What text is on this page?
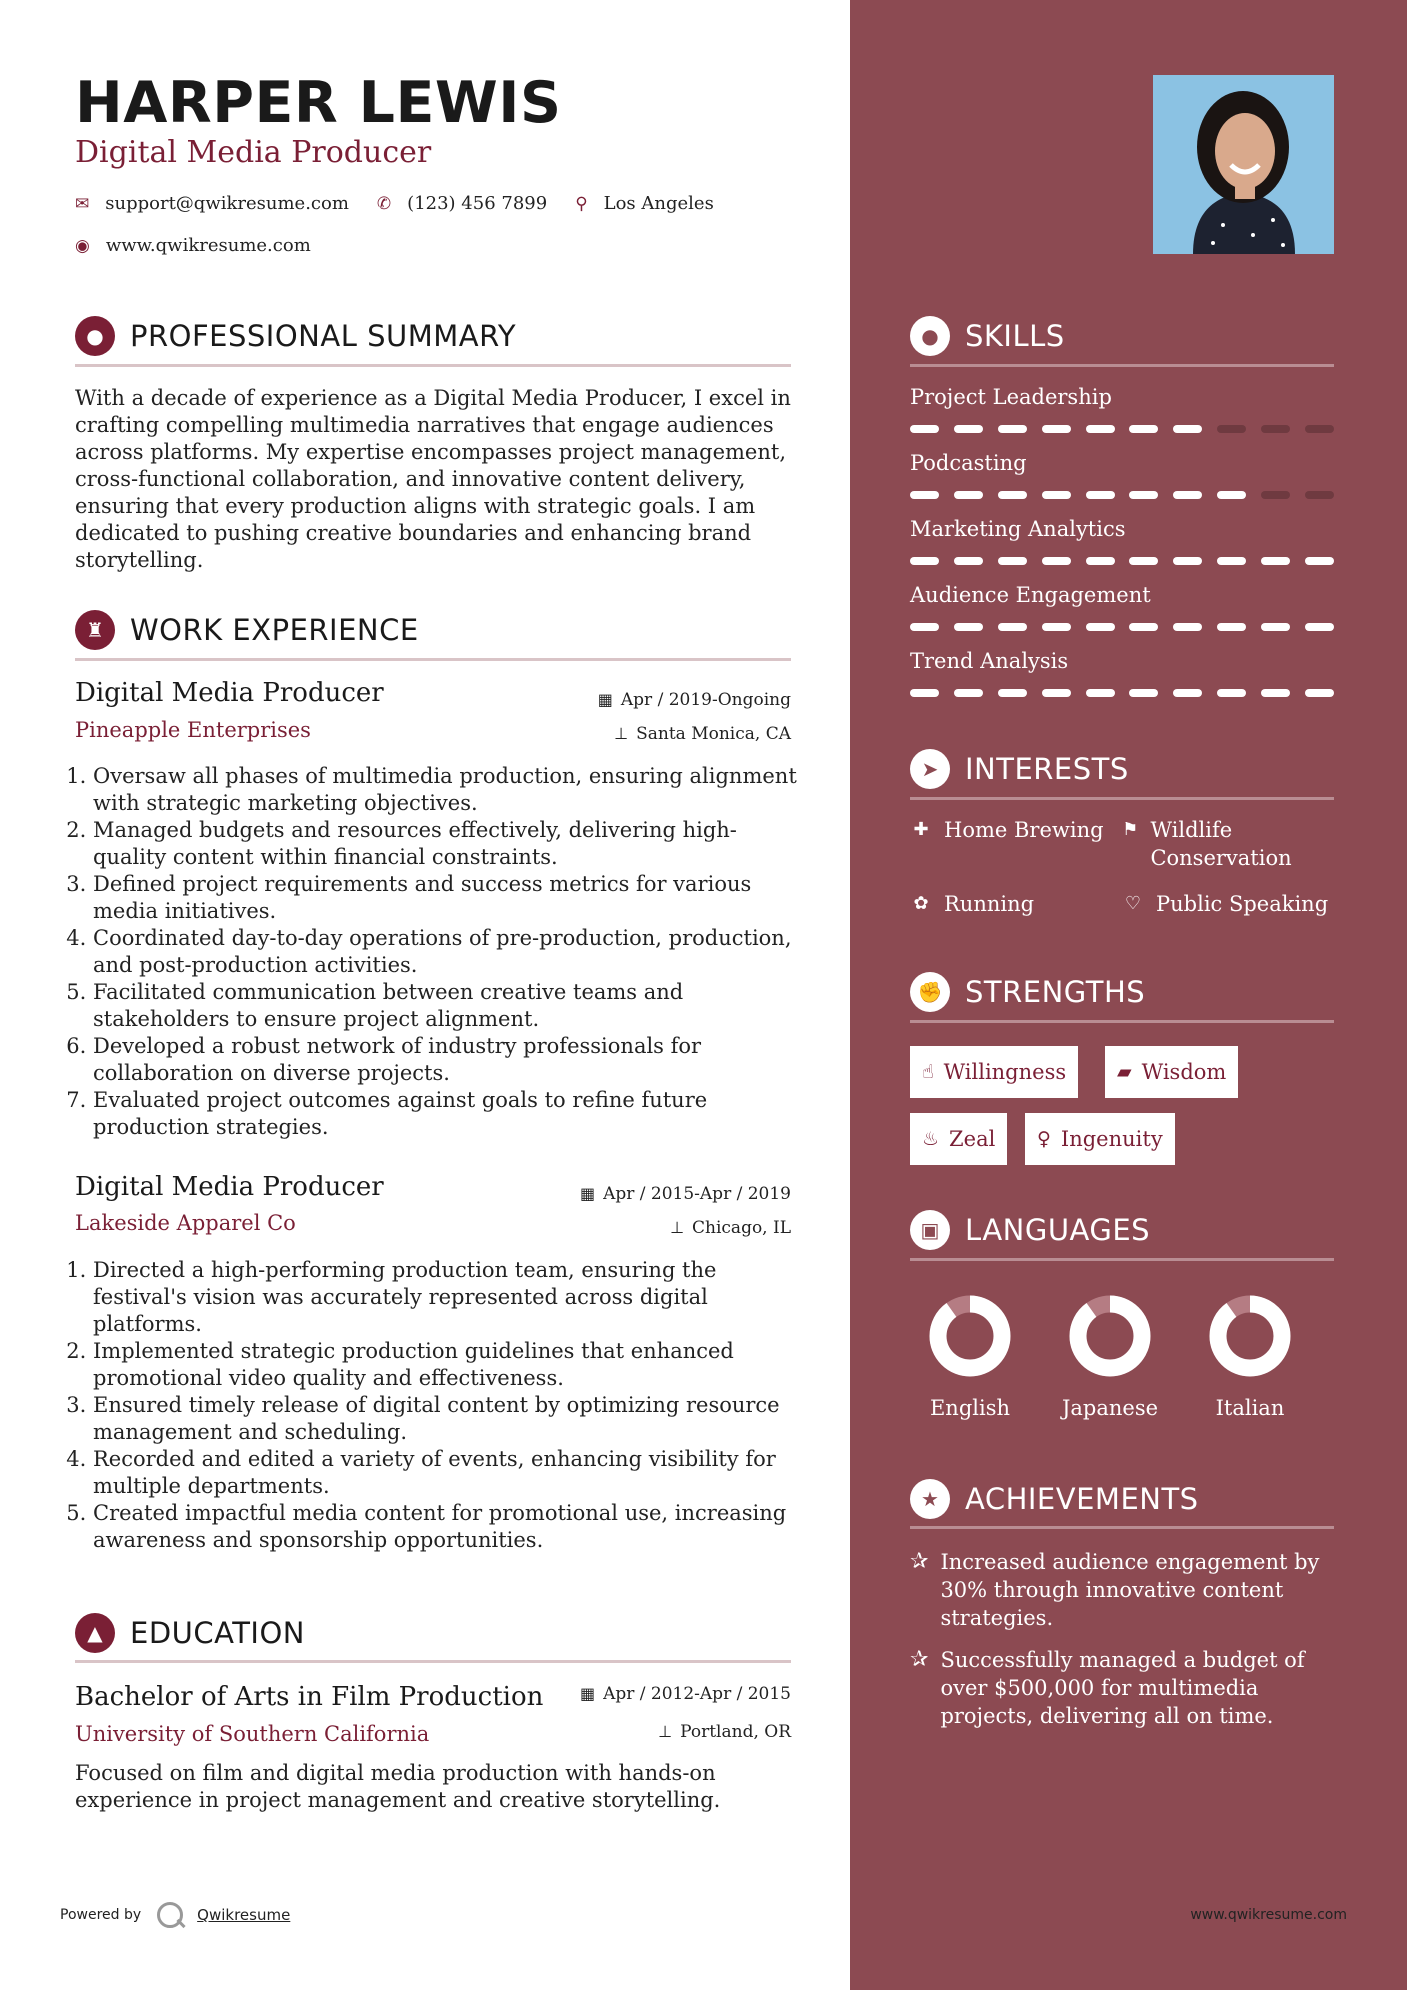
HARPER LEWIS
Digital Media Producer
✉ support@qwikresume.com ✆ (123) 456 7899 ⚲ Los Angeles
◉ www.qwikresume.com
● PROFESSIONAL SUMMARY

With a decade of experience as a Digital Media Producer, I excel in crafting compelling multimedia narratives that engage audiences across platforms. My expertise encompasses project management, cross-functional collaboration, and innovative content delivery, ensuring that every production aligns with strategic goals. I am dedicated to pushing creative boundaries and enhancing brand storytelling.

♜ WORK EXPERIENCE
Digital Media Producer	▦ Apr / 2019-Ongoing
Pineapple Enterprises	⊥ Santa Monica, CA
1. Oversaw all phases of multimedia production, ensuring alignment with strategic marketing objectives.
2. Managed budgets and resources effectively, delivering high-quality content within financial constraints.
3. Defined project requirements and success metrics for various media initiatives.
4. Coordinated day-to-day operations of pre-production, production, and post-production activities.
5. Facilitated communication between creative teams and stakeholders to ensure project alignment.
6. Developed a robust network of industry professionals for collaboration on diverse projects.
7. Evaluated project outcomes against goals to refine future production strategies.
Digital Media Producer	▦ Apr / 2015-Apr / 2019
Lakeside Apparel Co	⊥ Chicago, IL
1. Directed a high-performing production team, ensuring the festival's vision was accurately represented across digital platforms.
2. Implemented strategic production guidelines that enhanced promotional video quality and effectiveness.
3. Ensured timely release of digital content by optimizing resource management and scheduling.
4. Recorded and edited a variety of events, enhancing visibility for multiple departments.
5. Created impactful media content for promotional use, increasing awareness and sponsorship opportunities.
▲ EDUCATION
Bachelor of Arts in Film Production ▦ Apr / 2012-Apr / 2015
University of Southern California	⊥ Portland, OR

Focused on film and digital media production with hands-on experience in project management and creative storytelling.

Powered by	Qwikresume
● SKILLS
Project Leadership
Podcasting
Marketing Analytics
Audience Engagement
Trend Analysis
➤ INTERESTS
✚ Home Brewing ⚑ Wildlife Conservation
✿ Running	♡ Public Speaking
✊ STRENGTHS
☝ Willingness	▰ Wisdom
♨ Zeal ♀ Ingenuity
▣ LANGUAGES
English	Japanese	Italian
★ ACHIEVEMENTS
✰ Increased audience engagement by 30% through innovative content strategies.
✰ Successfully managed a budget of over $500,000 for multimedia projects, delivering all on time.
www.qwikresume.com
